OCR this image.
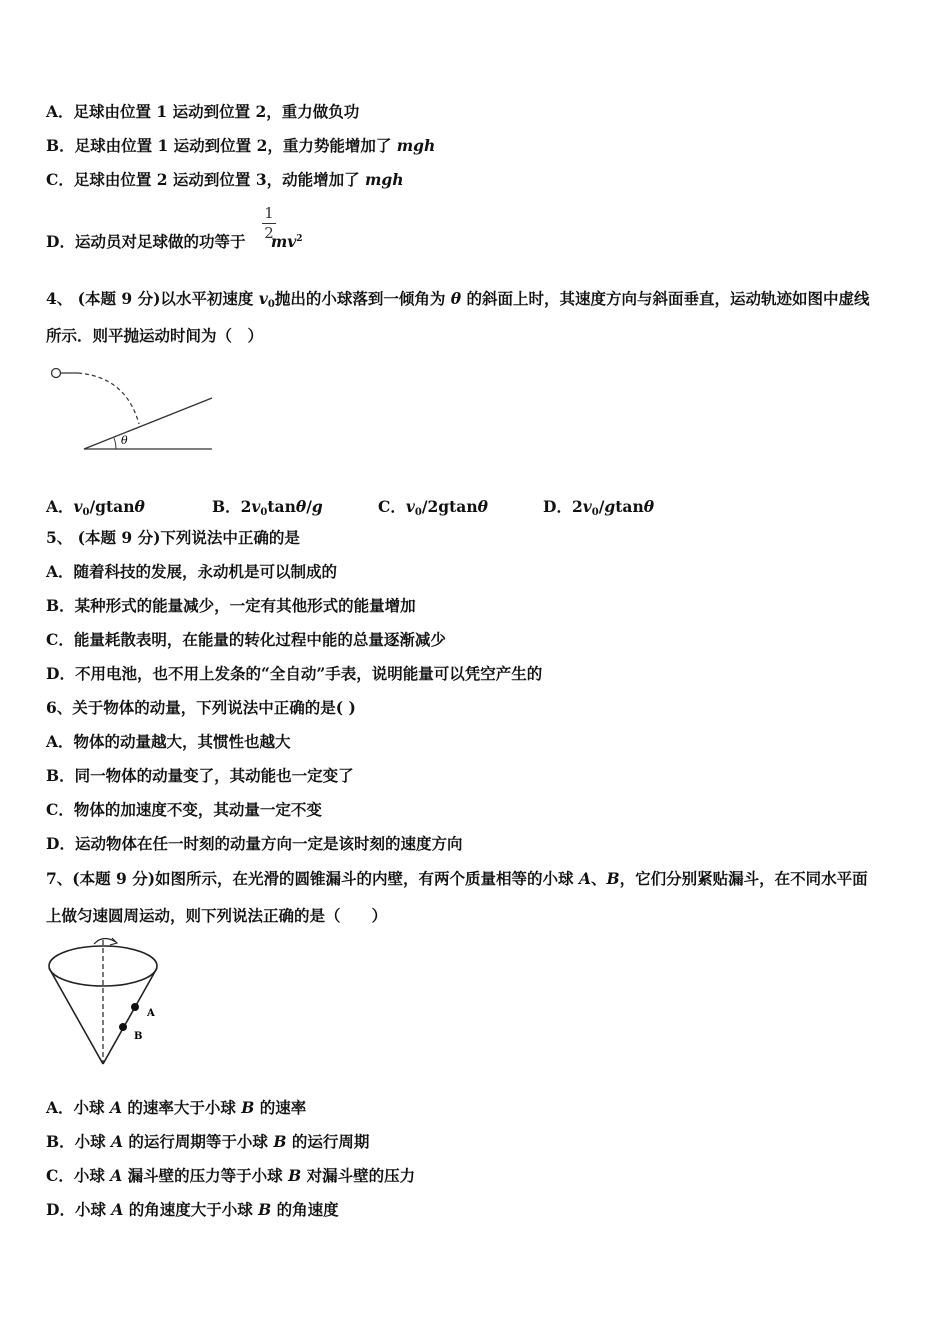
A．足球由位置 1 运动到位置 2，重力做负功
B．足球由位置 1 运动到位置 2，重力势能增加了 mgh
C．足球由位置 2 运动到位置 3，动能增加了 mgh
D．运动员对足球做的功等于 $mv^2$
1
2
4、 (本题 9 分)以水平初速度 $v_0$抛出的小球落到一倾角为 θ 的斜面上时，其速度方向与斜面垂直，运动轨迹如图中虚线
所示．则平抛运动时间为（　）
θ
A．$v_0$/gtanθ	B．$2v_0\tan\theta/g$	C．$v_0/2gtan\theta$	D．$2v_0$/gtanθ
5、 (本题 9 分)下列说法中正确的是
A．随着科技的发展，永动机是可以制成的
B．某种形式的能量减少，一定有其他形式的能量增加
C．能量耗散表明，在能量的转化过程中能的总量逐渐减少
D．不用电池，也不用上发条的“全自动”手表，说明能量可以凭空产生的
6、关于物体的动量，下列说法中正确的是( )
A．物体的动量越大，其惯性也越大
B．同一物体的动量变了，其动能也一定变了
C．物体的加速度不变，其动量一定不变
D．运动物体在任一时刻的动量方向一定是该时刻的速度方向
7、(本题 9 分)如图所示，在光滑的圆锥漏斗的内壁，有两个质量相等的小球 A、B，它们分别紧贴漏斗，在不同水平面
上做匀速圆周运动，则下列说法正确的是（　　）
A
B
A．小球 A 的速率大于小球 B 的速率
B．小球 A 的运行周期等于小球 B 的运行周期
C．小球 A 漏斗壁的压力等于小球 B 对漏斗壁的压力
D．小球 A 的角速度大于小球 B 的角速度
